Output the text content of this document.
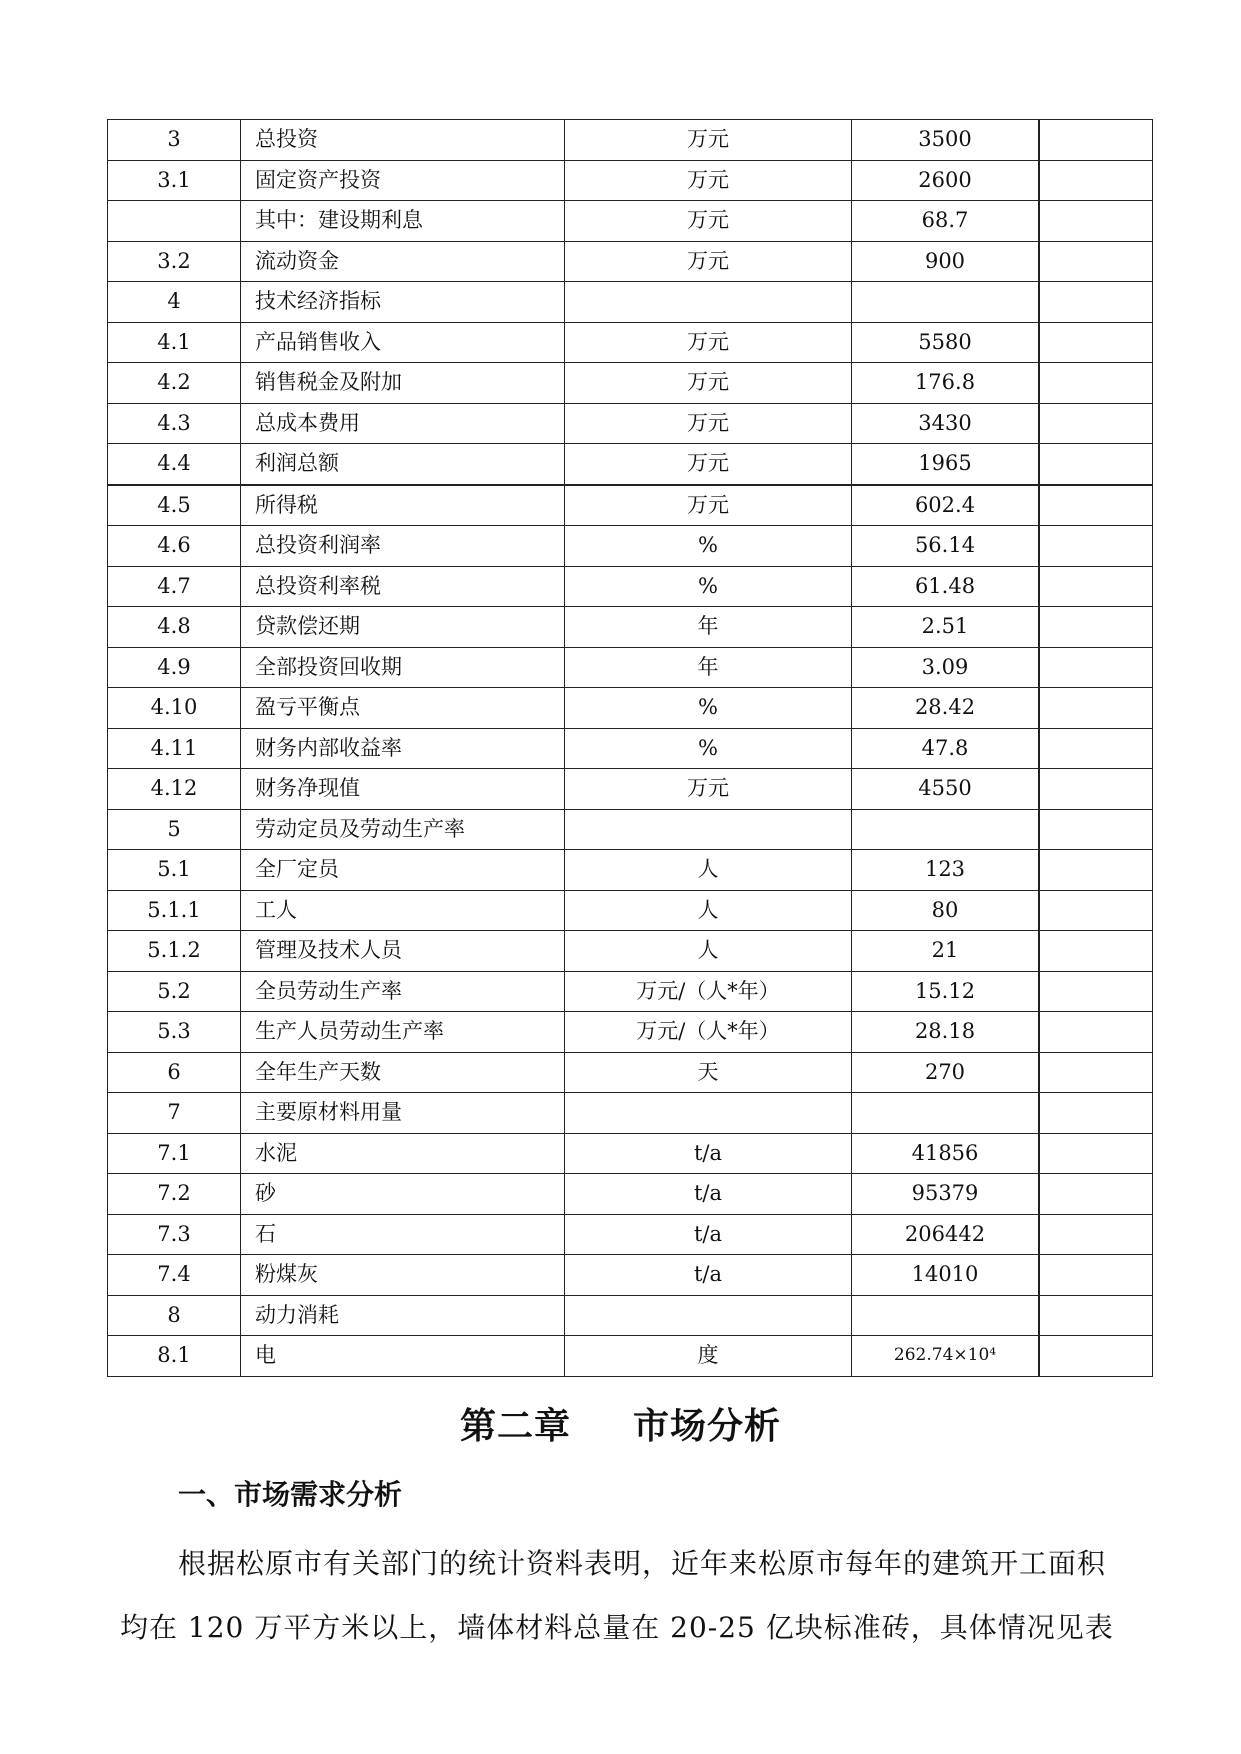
3	总投资	万元	3500	
3.1	固定资产投资	万元	2600	
	其中：建设期利息	万元	68.7	
3.2	流动资金	万元	900	
4	技术经济指标			
4.1	产品销售收入	万元	5580	
4.2	销售税金及附加	万元	176.8	
4.3	总成本费用	万元	3430	
4.4	利润总额	万元	1965	
4.5	所得税	万元	602.4	
4.6	总投资利润率	%	56.14	
4.7	总投资利率税	%	61.48	
4.8	贷款偿还期	年	2.51	
4.9	全部投资回收期	年	3.09	
4.10	盈亏平衡点	%	28.42	
4.11	财务内部收益率	%	47.8	
4.12	财务净现值	万元	4550	
5	劳动定员及劳动生产率			
5.1	全厂定员	人	123	
5.1.1	工人	人	80	
5.1.2	管理及技术人员	人	21	
5.2	全员劳动生产率	万元/（人*年）	15.12	
5.3	生产人员劳动生产率	万元/（人*年）	28.18	
6	全年生产天数	天	270	
7	主要原材料用量			
7.1	水泥	t/a	41856	
7.2	砂	t/a	95379	
7.3	石	t/a	206442	
7.4	粉煤灰	t/a	14010	
8	动力消耗			
8.1	电	度	262.74×10⁴	
第二章 市场分析
一、市场需求分析
根据松原市有关部门的统计资料表明，近年来松原市每年的建筑开工面积
均在 120 万平方米以上，墙体材料总量在 20-25 亿块标准砖，具体情况见表
